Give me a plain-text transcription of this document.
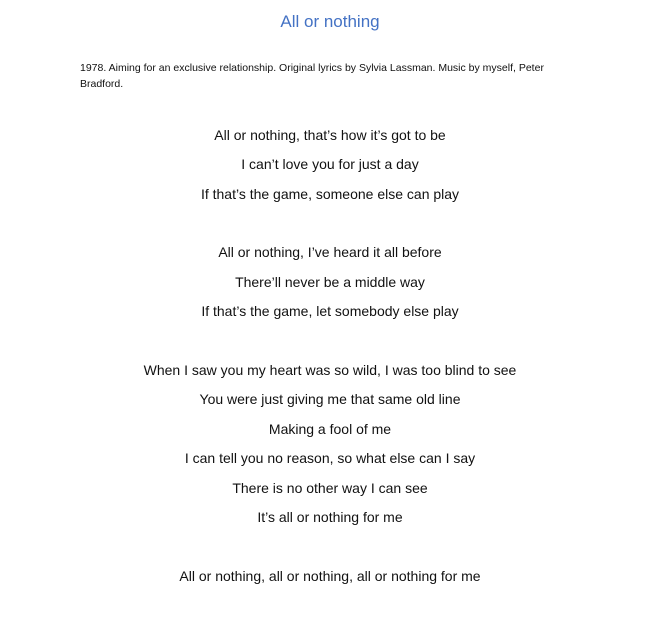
All or nothing
1978. Aiming for an exclusive relationship. Original lyrics by Sylvia Lassman. Music by myself, Peter Bradford.
All or nothing, that’s how it’s got to be
I can’t love you for just a day
If that’s the game, someone else can play
All or nothing, I’ve heard it all before
There’ll never be a middle way
If that’s the game, let somebody else play
When I saw you my heart was so wild, I was too blind to see
You were just giving me that same old line
Making a fool of me
I can tell you no reason, so what else can I say
There is no other way I can see
It’s all or nothing for me
All or nothing, all or nothing, all or nothing for me
